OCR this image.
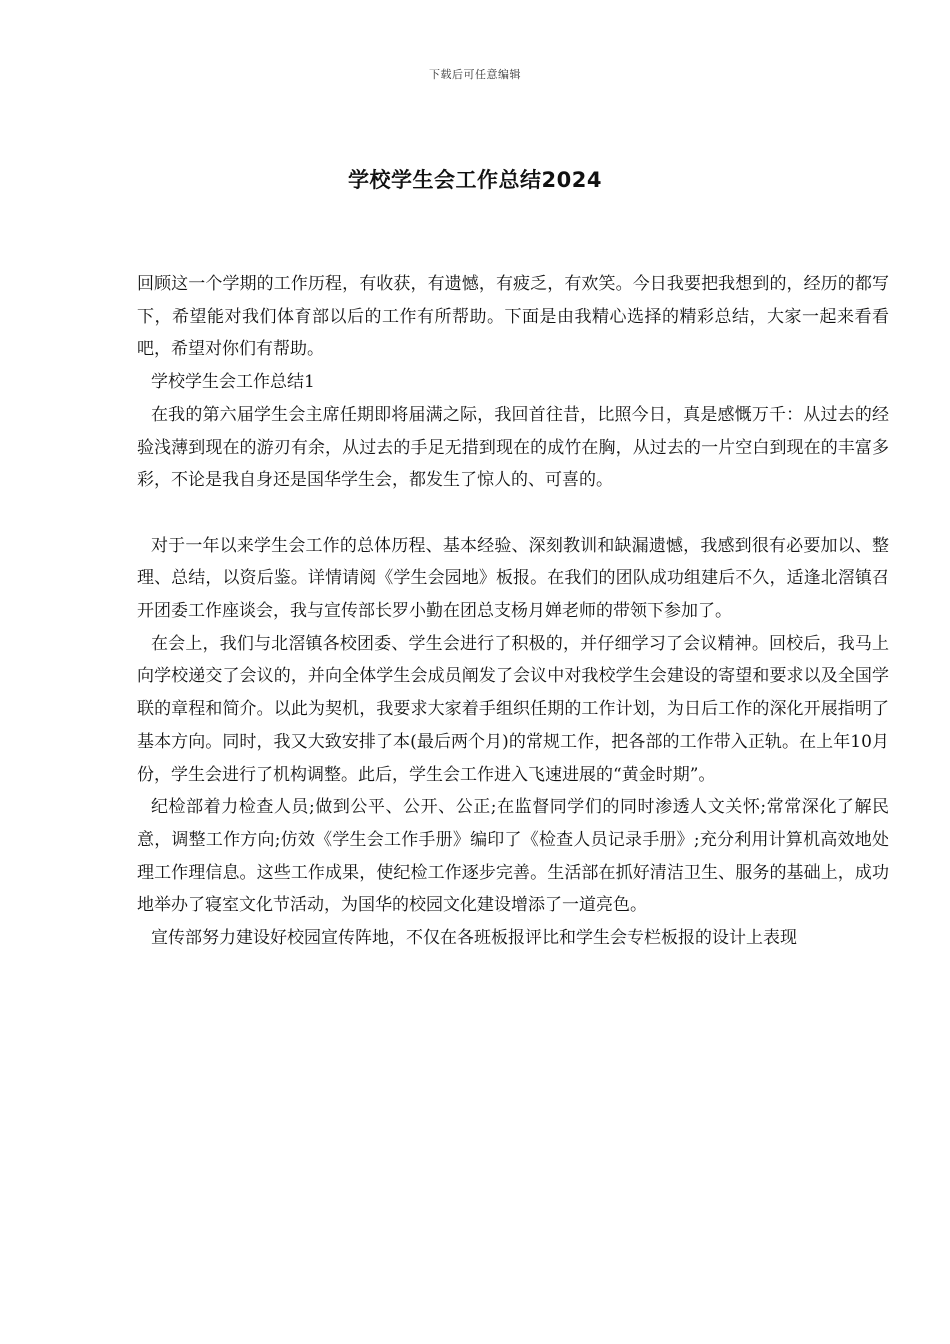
下载后可任意编辑
学校学生会工作总结2024

回顾这一个学期的工作历程，有收获，有遗憾，有疲乏，有欢笑。今日我要把我想到的，经历的都写下，希望能对我们体育部以后的工作有所帮助。下面是由我精心选择的精彩总结，大家一起来看看吧，希望对你们有帮助。

学校学生会工作总结1

在我的第六届学生会主席任期即将届满之际，我回首往昔，比照今日，真是感慨万千：从过去的经验浅薄到现在的游刃有余，从过去的手足无措到现在的成竹在胸，从过去的一片空白到现在的丰富多彩，不论是我自身还是国华学生会，都发生了惊人的、可喜的。

对于一年以来学生会工作的总体历程、基本经验、深刻教训和缺漏遗憾，我感到很有必要加以、整理、总结，以资后鉴。详情请阅《学生会园地》板报。在我们的团队成功组建后不久，适逢北滘镇召开团委工作座谈会，我与宣传部长罗小勤在团总支杨月婵老师的带领下参加了。

在会上，我们与北滘镇各校团委、学生会进行了积极的，并仔细学习了会议精神。回校后，我马上向学校递交了会议的，并向全体学生会成员阐发了会议中对我校学生会建设的寄望和要求以及全国学联的章程和简介。以此为契机，我要求大家着手组织任期的工作计划，为日后工作的深化开展指明了基本方向。同时，我又大致安排了本(最后两个月)的常规工作，把各部的工作带入正轨。在上年10月份，学生会进行了机构调整。此后，学生会工作进入飞速进展的“黄金时期”。

纪检部着力检查人员;做到公平、公开、公正;在监督同学们的同时渗透人文关怀;常常深化了解民意，调整工作方向;仿效《学生会工作手册》编印了《检查人员记录手册》;充分利用计算机高效地处理工作理信息。这些工作成果，使纪检工作逐步完善。生活部在抓好清洁卫生、服务的基础上，成功地举办了寝室文化节活动，为国华的校园文化建设增添了一道亮色。

宣传部努力建设好校园宣传阵地，不仅在各班板报评比和学生会专栏板报的设计上表现
